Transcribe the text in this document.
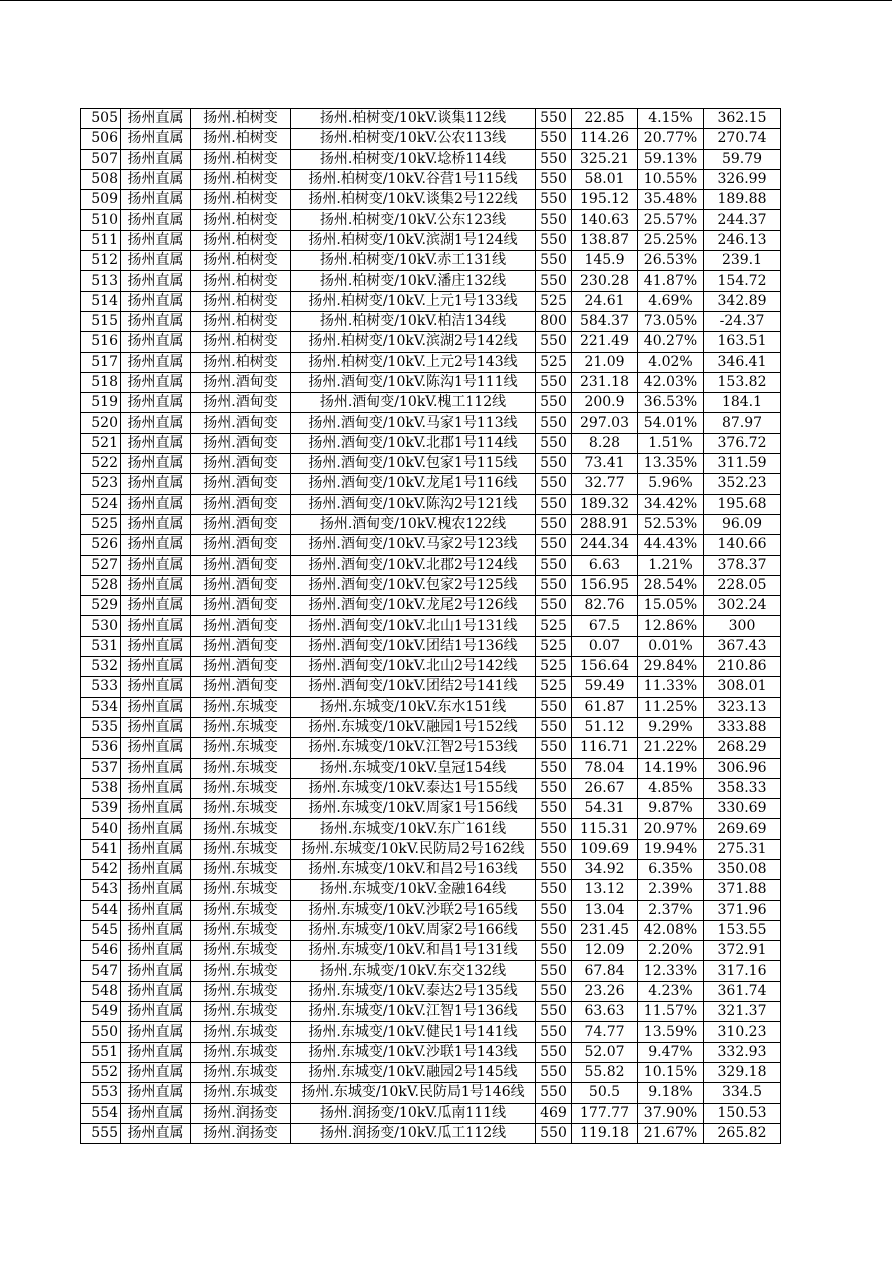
505	扬州直属	扬州.柏树变	扬州.柏树变/10kV.谈集112线	550	22.85	4.15%	362.15
506	扬州直属	扬州.柏树变	扬州.柏树变/10kV.公农113线	550	114.26	20.77%	270.74
507	扬州直属	扬州.柏树变	扬州.柏树变/10kV.埝桥114线	550	325.21	59.13%	59.79
508	扬州直属	扬州.柏树变	扬州.柏树变/10kV.谷营1号115线	550	58.01	10.55%	326.99
509	扬州直属	扬州.柏树变	扬州.柏树变/10kV.谈集2号122线	550	195.12	35.48%	189.88
510	扬州直属	扬州.柏树变	扬州.柏树变/10kV.公东123线	550	140.63	25.57%	244.37
511	扬州直属	扬州.柏树变	扬州.柏树变/10kV.滨湖1号124线	550	138.87	25.25%	246.13
512	扬州直属	扬州.柏树变	扬州.柏树变/10kV.赤工131线	550	145.9	26.53%	239.1
513	扬州直属	扬州.柏树变	扬州.柏树变/10kV.潘庄132线	550	230.28	41.87%	154.72
514	扬州直属	扬州.柏树变	扬州.柏树变/10kV.上元1号133线	525	24.61	4.69%	342.89
515	扬州直属	扬州.柏树变	扬州.柏树变/10kV.柏洁134线	800	584.37	73.05%	-24.37
516	扬州直属	扬州.柏树变	扬州.柏树变/10kV.滨湖2号142线	550	221.49	40.27%	163.51
517	扬州直属	扬州.柏树变	扬州.柏树变/10kV.上元2号143线	525	21.09	4.02%	346.41
518	扬州直属	扬州.酒甸变	扬州.酒甸变/10kV.陈沟1号111线	550	231.18	42.03%	153.82
519	扬州直属	扬州.酒甸变	扬州.酒甸变/10kV.槐工112线	550	200.9	36.53%	184.1
520	扬州直属	扬州.酒甸变	扬州.酒甸变/10kV.马家1号113线	550	297.03	54.01%	87.97
521	扬州直属	扬州.酒甸变	扬州.酒甸变/10kV.北郡1号114线	550	8.28	1.51%	376.72
522	扬州直属	扬州.酒甸变	扬州.酒甸变/10kV.包家1号115线	550	73.41	13.35%	311.59
523	扬州直属	扬州.酒甸变	扬州.酒甸变/10kV.龙尾1号116线	550	32.77	5.96%	352.23
524	扬州直属	扬州.酒甸变	扬州.酒甸变/10kV.陈沟2号121线	550	189.32	34.42%	195.68
525	扬州直属	扬州.酒甸变	扬州.酒甸变/10kV.槐农122线	550	288.91	52.53%	96.09
526	扬州直属	扬州.酒甸变	扬州.酒甸变/10kV.马家2号123线	550	244.34	44.43%	140.66
527	扬州直属	扬州.酒甸变	扬州.酒甸变/10kV.北郡2号124线	550	6.63	1.21%	378.37
528	扬州直属	扬州.酒甸变	扬州.酒甸变/10kV.包家2号125线	550	156.95	28.54%	228.05
529	扬州直属	扬州.酒甸变	扬州.酒甸变/10kV.龙尾2号126线	550	82.76	15.05%	302.24
530	扬州直属	扬州.酒甸变	扬州.酒甸变/10kV.北山1号131线	525	67.5	12.86%	300
531	扬州直属	扬州.酒甸变	扬州.酒甸变/10kV.团结1号136线	525	0.07	0.01%	367.43
532	扬州直属	扬州.酒甸变	扬州.酒甸变/10kV.北山2号142线	525	156.64	29.84%	210.86
533	扬州直属	扬州.酒甸变	扬州.酒甸变/10kV.团结2号141线	525	59.49	11.33%	308.01
534	扬州直属	扬州.东城变	扬州.东城变/10kV.东水151线	550	61.87	11.25%	323.13
535	扬州直属	扬州.东城变	扬州.东城变/10kV.融园1号152线	550	51.12	9.29%	333.88
536	扬州直属	扬州.东城变	扬州.东城变/10kV.江智2号153线	550	116.71	21.22%	268.29
537	扬州直属	扬州.东城变	扬州.东城变/10kV.皇冠154线	550	78.04	14.19%	306.96
538	扬州直属	扬州.东城变	扬州.东城变/10kV.泰达1号155线	550	26.67	4.85%	358.33
539	扬州直属	扬州.东城变	扬州.东城变/10kV.周家1号156线	550	54.31	9.87%	330.69
540	扬州直属	扬州.东城变	扬州.东城变/10kV.东广161线	550	115.31	20.97%	269.69
541	扬州直属	扬州.东城变	扬州.东城变/10kV.民防局2号162线	550	109.69	19.94%	275.31
542	扬州直属	扬州.东城变	扬州.东城变/10kV.和昌2号163线	550	34.92	6.35%	350.08
543	扬州直属	扬州.东城变	扬州.东城变/10kV.金融164线	550	13.12	2.39%	371.88
544	扬州直属	扬州.东城变	扬州.东城变/10kV.沙联2号165线	550	13.04	2.37%	371.96
545	扬州直属	扬州.东城变	扬州.东城变/10kV.周家2号166线	550	231.45	42.08%	153.55
546	扬州直属	扬州.东城变	扬州.东城变/10kV.和昌1号131线	550	12.09	2.20%	372.91
547	扬州直属	扬州.东城变	扬州.东城变/10kV.东交132线	550	67.84	12.33%	317.16
548	扬州直属	扬州.东城变	扬州.东城变/10kV.泰达2号135线	550	23.26	4.23%	361.74
549	扬州直属	扬州.东城变	扬州.东城变/10kV.江智1号136线	550	63.63	11.57%	321.37
550	扬州直属	扬州.东城变	扬州.东城变/10kV.健民1号141线	550	74.77	13.59%	310.23
551	扬州直属	扬州.东城变	扬州.东城变/10kV.沙联1号143线	550	52.07	9.47%	332.93
552	扬州直属	扬州.东城变	扬州.东城变/10kV.融园2号145线	550	55.82	10.15%	329.18
553	扬州直属	扬州.东城变	扬州.东城变/10kV.民防局1号146线	550	50.5	9.18%	334.5
554	扬州直属	扬州.润扬变	扬州.润扬变/10kV.瓜南111线	469	177.77	37.90%	150.53
555	扬州直属	扬州.润扬变	扬州.润扬变/10kV.瓜工112线	550	119.18	21.67%	265.82
